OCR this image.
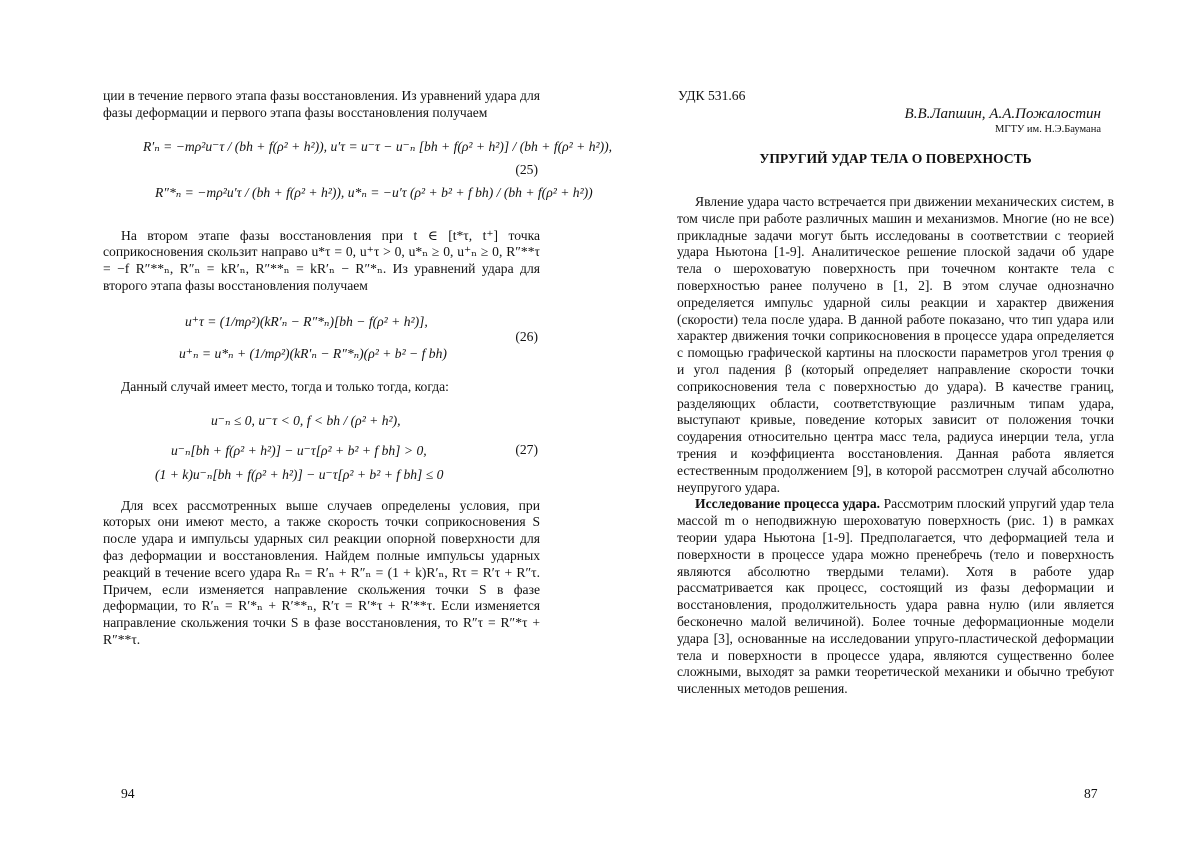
ции в течение первого этапа фазы восстановления. Из уравнений удара для фазы деформации и первого этапа фазы восстановления получаем

R′ₙ = −mρ²u⁻τ / (bh + f(ρ² + h²)), u′τ = u⁻τ − u⁻ₙ [bh + f(ρ² + h²)] / (bh + f(ρ² + h²)),
R″*ₙ = −mρ²u′τ / (bh + f(ρ² + h²)), u*ₙ = −u′τ (ρ² + b² + f bh) / (bh + f(ρ² + h²))
(25)

На втором этапе фазы восстановления при t ∈ [t*τ, t⁺] точка соприкосновения скользит направо u*τ = 0, u⁺τ > 0, u*ₙ ≥ 0, u⁺ₙ ≥ 0, R″**τ = −f R″**ₙ, R″ₙ = kR′ₙ, R″**ₙ = kR′ₙ − R″*ₙ. Из уравнений удара для второго этапа фазы восстановления получаем

u⁺τ = (1/mρ²)(kR′ₙ − R″*ₙ)[bh − f(ρ² + h²)],
u⁺ₙ = u*ₙ + (1/mρ²)(kR′ₙ − R″*ₙ)(ρ² + b² − f bh)
(26)

Данный случай имеет место, тогда и только тогда, когда:

u⁻ₙ ≤ 0, u⁻τ < 0, f < bh / (ρ² + h²),
u⁻ₙ[bh + f(ρ² + h²)] − u⁻τ[ρ² + b² + f bh] > 0,
(1 + k)u⁻ₙ[bh + f(ρ² + h²)] − u⁻τ[ρ² + b² + f bh] ≤ 0
(27)

Для всех рассмотренных выше случаев определены условия, при которых они имеют место, а также скорость точки соприкосновения S после удара и импульсы ударных сил реакции опорной поверхности для фаз деформации и восстановления. Найдем полные импульсы ударных реакций в течение всего удара Rₙ = R′ₙ + R″ₙ = (1 + k)R′ₙ, Rτ = R′τ + R″τ. Причем, если изменяется направление скольжения точки S в фазе деформации, то R′ₙ = R′*ₙ + R′**ₙ, R′τ = R′*τ + R′**τ. Если изменяется направление скольжения точки S в фазе восстановления, то R″τ = R″*τ + R″**τ.

94
УДК 531.66
В.В.Лапшин, А.А.Пожалостин
МГТУ им. Н.Э.Баумана
УПРУГИЙ УДАР ТЕЛА О ПОВЕРХНОСТЬ

Явление удара часто встречается при движении механических систем, в том числе при работе различных машин и механизмов. Многие (но не все) прикладные задачи могут быть исследованы в соответствии с теорией удара Ньютона [1-9]. Аналитическое решение плоской задачи об ударе тела о шероховатую поверхность при точечном контакте тела с поверхностью ранее получено в [1, 2]. В этом случае однозначно определяется импульс ударной силы реакции и характер движения (скорости) тела после удара. В данной работе показано, что тип удара или характер движения точки соприкосновения в процессе удара определяется с помощью графической картины на плоскости параметров угол трения φ и угол падения β (который определяет направление скорости точки соприкосновения тела с поверхностью до удара). В качестве границ, разделяющих области, соответствующие различным типам удара, выступают кривые, поведение которых зависит от положения точки соударения относительно центра масс тела, радиуса инерции тела, угла трения и коэффициента восстановления. Данная работа является естественным продолжением [9], в которой рассмотрен случай абсолютно неупругого удара.

Исследование процесса удара. Рассмотрим плоский упругий удар тела массой m о неподвижную шероховатую поверхность (рис. 1) в рамках теории удара Ньютона [1-9]. Предполагается, что деформацией тела и поверхности в процессе удара можно пренебречь (тело и поверхность являются абсолютно твердыми телами). Хотя в работе удар рассматривается как процесс, состоящий из фазы деформации и восстановления, продолжительность удара равна нулю (или является бесконечно малой величиной). Более точные деформационные модели удара [3], основанные на исследовании упруго-пластической деформации тела и поверхности в процессе удара, являются существенно более сложными, выходят за рамки теоретической механики и обычно требуют численных методов решения.

87
